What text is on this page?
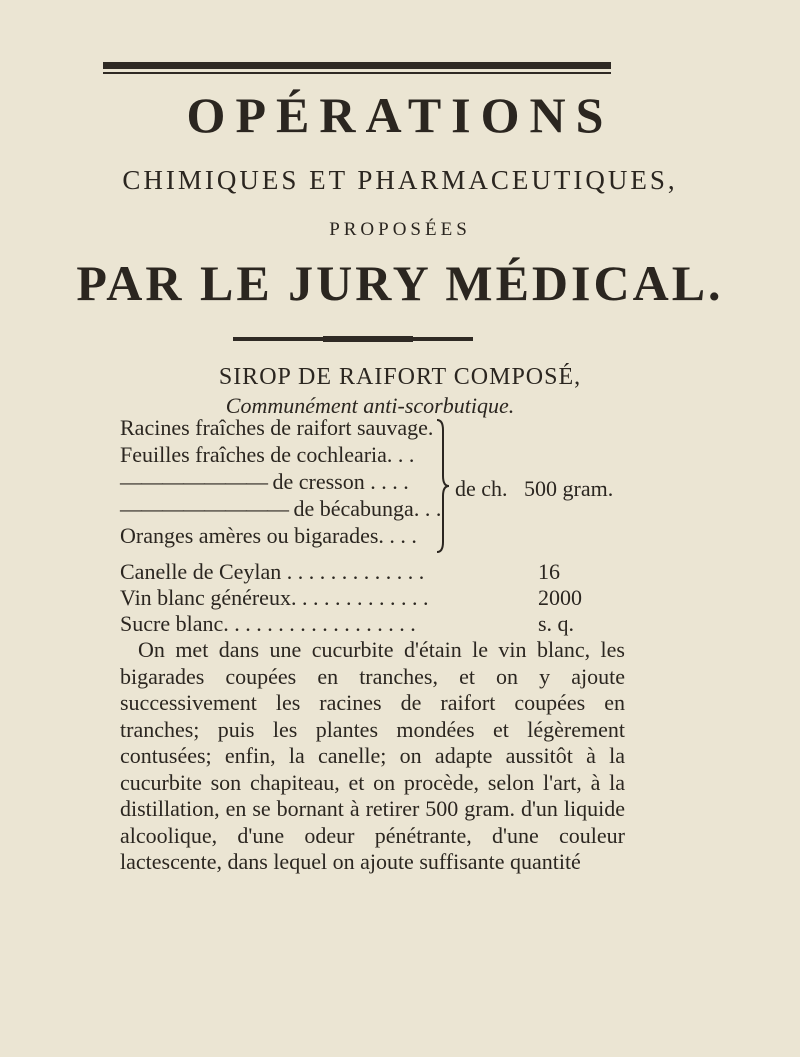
OPÉRATIONS
CHIMIQUES ET PHARMACEUTIQUES,
PROPOSÉES
PAR LE JURY MÉDICAL.
SIROP DE RAIFORT COMPOSÉ,
Communément anti-scorbutique.
Racines fraîches de raifort sauvage.
Feuilles fraîches de cochlearia. . .
——————— de cresson . . . .
———————— de bécabunga. . .
Oranges amères ou bigarades. . . .
de ch.   500 gram.
Canelle de Ceylan . . . . . . . . . . . . .	16
Vin blanc généreux. . . . . . . . . . . . .	2000
Sucre blanc. . . . . . . . . . . . . . . . . .	s. q.

On met dans une cucurbite d'étain le vin blanc, les bigarades coupées en tranches, et on y ajoute successivement les racines de raifort coupées en tranches; puis les plantes mondées et légèrement contusées; enfin, la canelle; on adapte aussitôt à la cucurbite son chapiteau, et on procède, selon l'art, à la distillation, en se bornant à retirer 500 gram. d'un liquide alcoolique, d'une odeur pénétrante, d'une couleur lactescente, dans lequel on ajoute suffisante quantité
